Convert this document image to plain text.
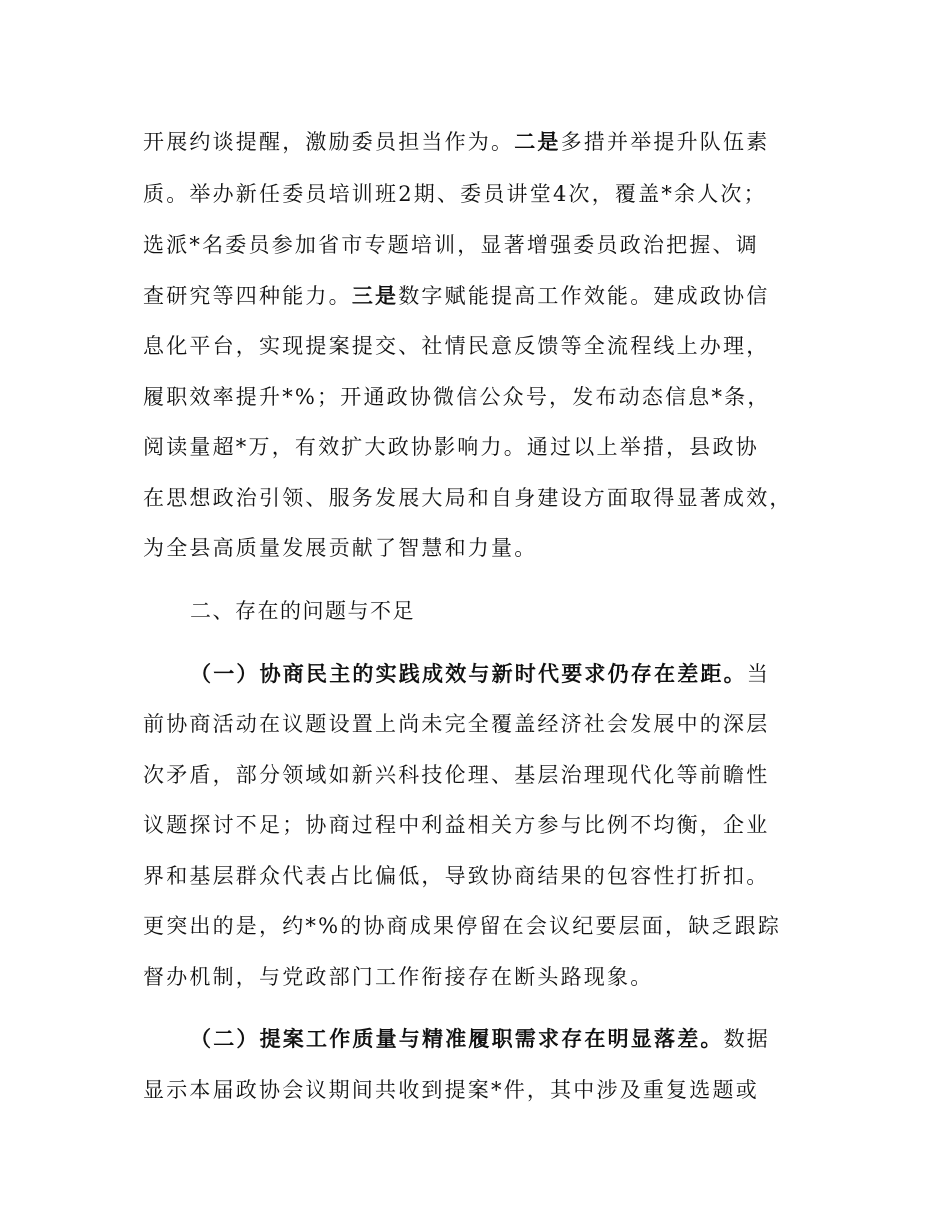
开展约谈提醒，激励委员担当作为。二是多措并举提升队伍素
质。举办新任委员培训班2期、委员讲堂4次，覆盖*余人次；
选派*名委员参加省市专题培训，显著增强委员政治把握、调
查研究等四种能力。三是数字赋能提高工作效能。建成政协信
息化平台，实现提案提交、社情民意反馈等全流程线上办理，
履职效率提升*%；开通政协微信公众号，发布动态信息*条，
阅读量超*万，有效扩大政协影响力。通过以上举措，县政协
在思想政治引领、服务发展大局和自身建设方面取得显著成效，
为全县高质量发展贡献了智慧和力量。
二、存在的问题与不足
（一）协商民主的实践成效与新时代要求仍存在差距。当
前协商活动在议题设置上尚未完全覆盖经济社会发展中的深层
次矛盾，部分领域如新兴科技伦理、基层治理现代化等前瞻性
议题探讨不足；协商过程中利益相关方参与比例不均衡，企业
界和基层群众代表占比偏低，导致协商结果的包容性打折扣。
更突出的是，约*%的协商成果停留在会议纪要层面，缺乏跟踪
督办机制，与党政部门工作衔接存在断头路现象。
（二）提案工作质量与精准履职需求存在明显落差。数据
显示本届政协会议期间共收到提案*件，其中涉及重复选题或
